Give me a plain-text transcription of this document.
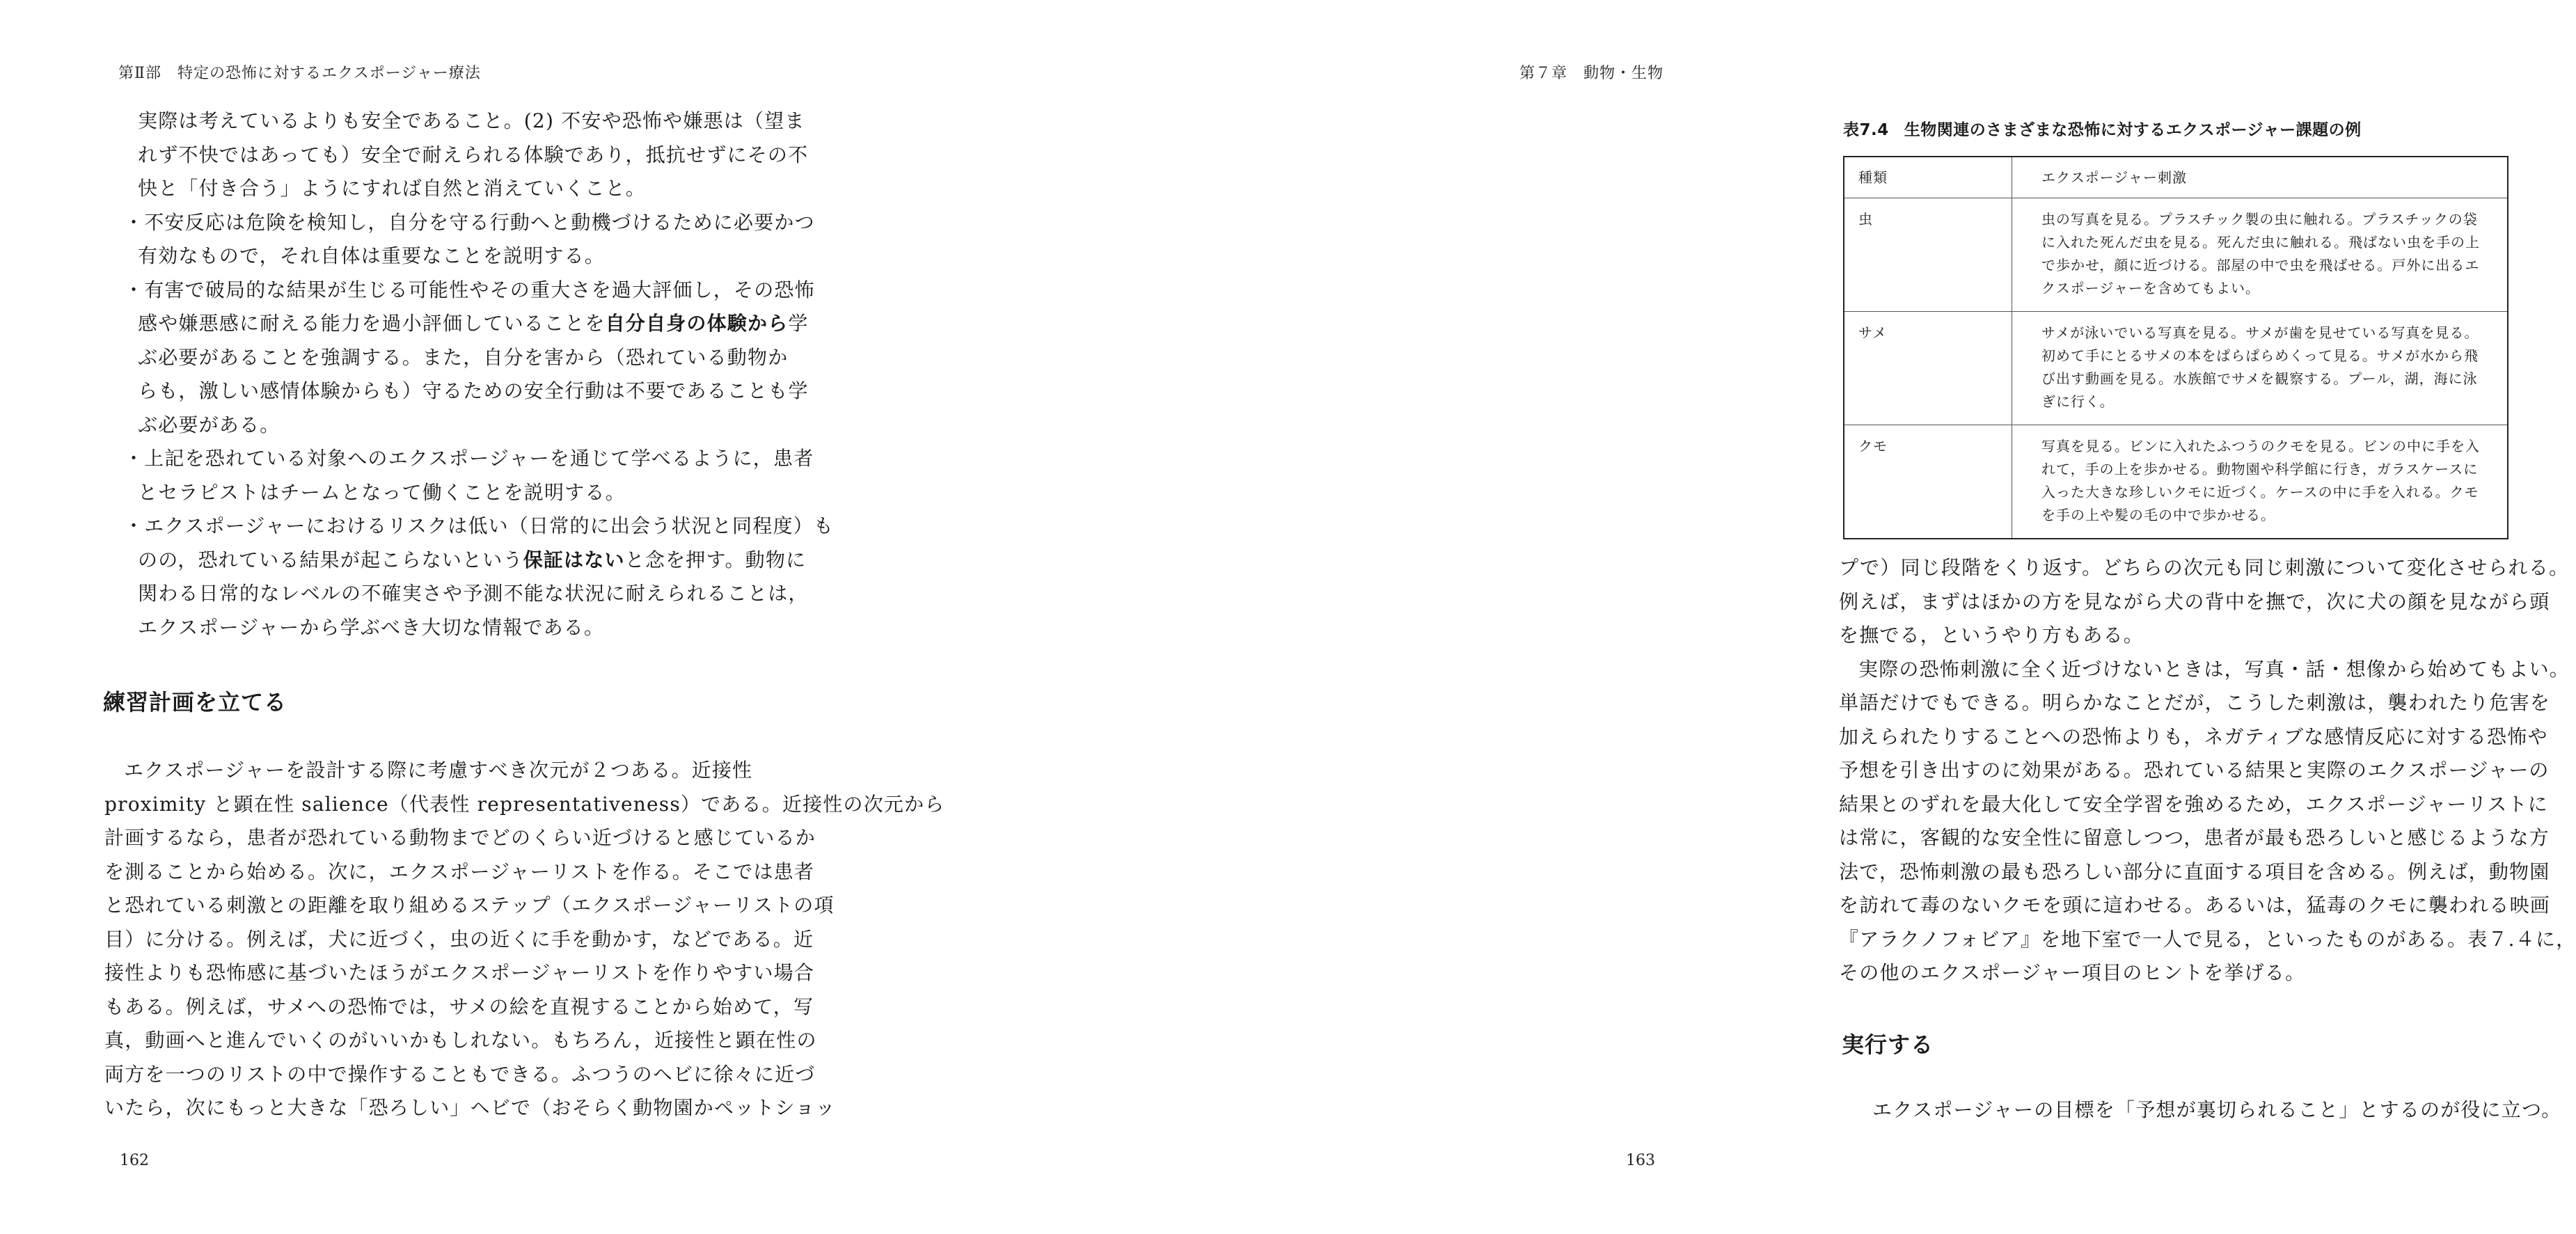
第Ⅱ部　特定の恐怖に対するエクスポージャー療法

実際は考えているよりも安全であること。(2) 不安や恐怖や嫌悪は（望ま

れず不快ではあっても）安全で耐えられる体験であり，抵抗せずにその不

快と「付き合う」ようにすれば自然と消えていくこと。

・不安反応は危険を検知し，自分を守る行動へと動機づけるために必要かつ
有効なもので，それ自体は重要なことを説明する。
・有害で破局的な結果が生じる可能性やその重大さを過大評価し，その恐怖
感や嫌悪感に耐える能力を過小評価していることを自分自身の体験から学
ぶ必要があることを強調する。また，自分を害から（恐れている動物か
らも，激しい感情体験からも）守るための安全行動は不要であることも学
ぶ必要がある。
・上記を恐れている対象へのエクスポージャーを通じて学べるように，患者
とセラピストはチームとなって働くことを説明する。
・エクスポージャーにおけるリスクは低い（日常的に出会う状況と同程度）も
のの，恐れている結果が起こらないという保証はないと念を押す。動物に
関わる日常的なレベルの不確実さや予測不能な状況に耐えられることは，
エクスポージャーから学ぶべき大切な情報である。
練習計画を立てる
エクスポージャーを設計する際に考慮すべき次元が２つある。近接性
proximity と顕在性 salience（代表性 representativeness）である。近接性の次元から
計画するなら，患者が恐れている動物までどのくらい近づけると感じているか
を測ることから始める。次に，エクスポージャーリストを作る。そこでは患者
と恐れている刺激との距離を取り組めるステップ（エクスポージャーリストの項
目）に分ける。例えば，犬に近づく，虫の近くに手を動かす，などである。近
接性よりも恐怖感に基づいたほうがエクスポージャーリストを作りやすい場合
もある。例えば，サメへの恐怖では，サメの絵を直視することから始めて，写
真，動画へと進んでいくのがいいかもしれない。もちろん，近接性と顕在性の
両方を一つのリストの中で操作することもできる。ふつうのヘビに徐々に近づ
いたら，次にもっと大きな「恐ろしい」ヘビで（おそらく動物園かペットショッ
162
第７章　動物・生物
表7.4 生物関連のさまざまな恐怖に対するエクスポージャー課題の例
種類	エクスポージャー刺激
虫	虫の写真を見る。プラスチック製の虫に触れる。プラスチックの袋
に入れた死んだ虫を見る。死んだ虫に触れる。飛ばない虫を手の上
で歩かせ，顔に近づける。部屋の中で虫を飛ばせる。戸外に出るエ
クスポージャーを含めてもよい。

サメ	サメが泳いでいる写真を見る。サメが歯を見せている写真を見る。
初めて手にとるサメの本をぱらぱらめくって見る。サメが水から飛
び出す動画を見る。水族館でサメを観察する。プール，湖，海に泳
ぎに行く。

クモ	写真を見る。ビンに入れたふつうのクモを見る。ビンの中に手を入
れて，手の上を歩かせる。動物園や科学館に行き，ガラスケースに
入った大きな珍しいクモに近づく。ケースの中に手を入れる。クモ
を手の上や髪の毛の中で歩かせる。
プで）同じ段階をくり返す。どちらの次元も同じ刺激について変化させられる。
例えば，まずはほかの方を見ながら犬の背中を撫で，次に犬の顔を見ながら頭
を撫でる，というやり方もある。
実際の恐怖刺激に全く近づけないときは，写真・話・想像から始めてもよい。
単語だけでもできる。明らかなことだが，こうした刺激は，襲われたり危害を
加えられたりすることへの恐怖よりも，ネガティブな感情反応に対する恐怖や
予想を引き出すのに効果がある。恐れている結果と実際のエクスポージャーの
結果とのずれを最大化して安全学習を強めるため，エクスポージャーリストに
は常に，客観的な安全性に留意しつつ，患者が最も恐ろしいと感じるような方
法で，恐怖刺激の最も恐ろしい部分に直面する項目を含める。例えば，動物園
を訪れて毒のないクモを頭に這わせる。あるいは，猛毒のクモに襲われる映画
『アラクノフォビア』を地下室で一人で見る，といったものがある。表７.４に，
その他のエクスポージャー項目のヒントを挙げる。
実行する
エクスポージャーの目標を「予想が裏切られること」とするのが役に立つ。
163
